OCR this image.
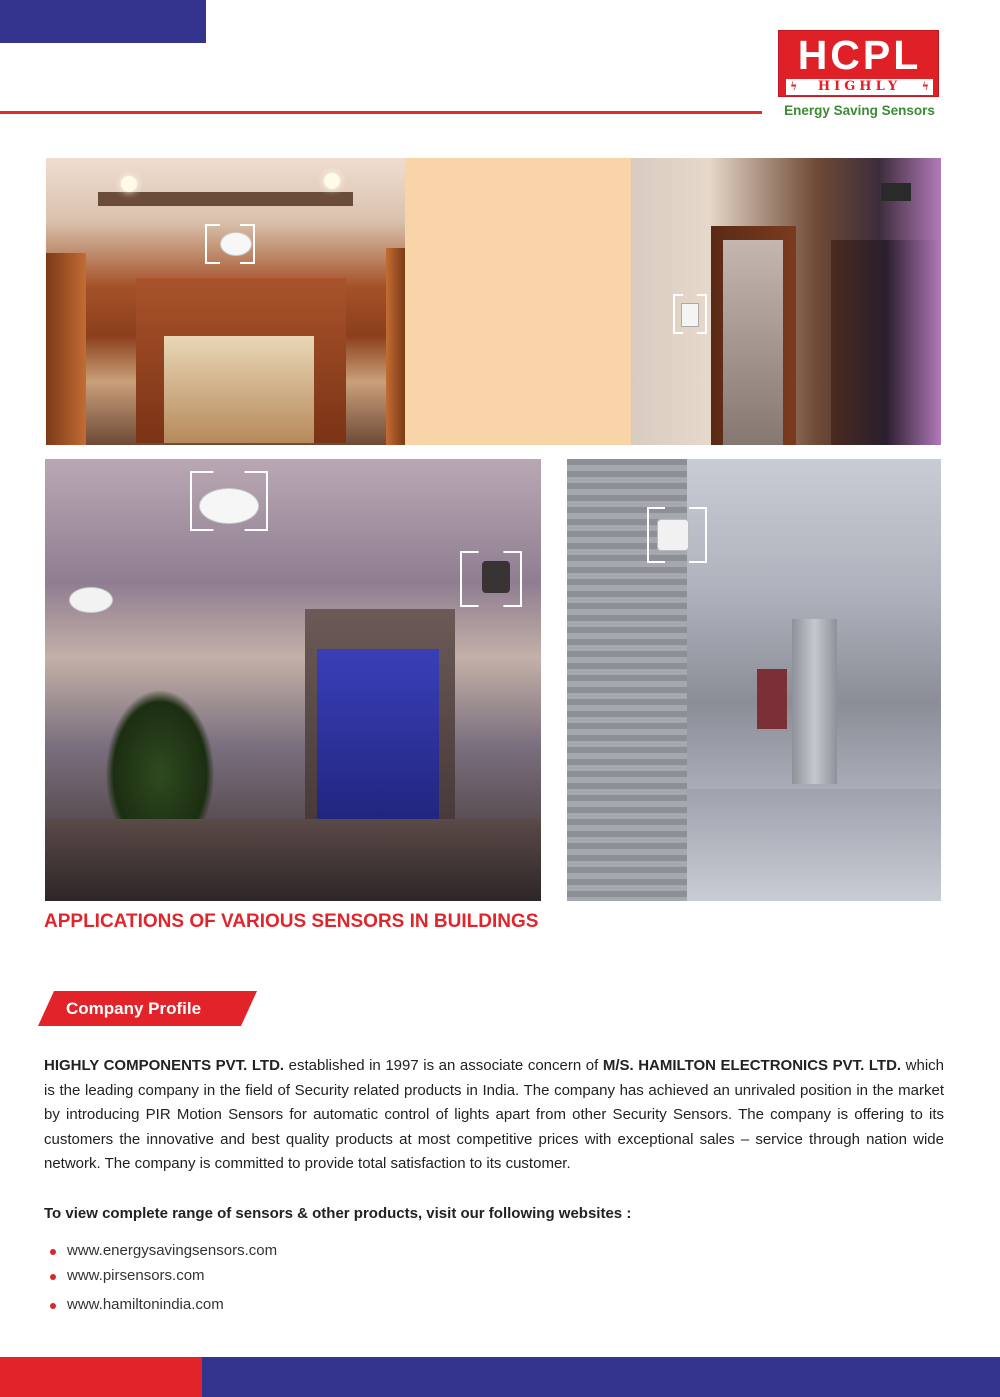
HCPL
ϟ HIGHLY ϟ
Energy Saving Sensors
APPLICATIONS OF VARIOUS SENSORS IN BUILDINGS
Company Profile
HIGHLY COMPONENTS PVT. LTD. established in 1997 is an associate concern of M/S. HAMILTON ELECTRONICS PVT. LTD. which is the leading company in the field of Security related products in India. The company has achieved an unrivaled position in the market by introducing PIR Motion Sensors for automatic control of lights apart from other Security Sensors. The company is offering to its customers the innovative and best quality products at most competitive prices with exceptional sales – service through nation wide network. The company is committed to provide total satisfaction to its customer.
To view complete range of sensors & other products, visit our following websites :
www.energysavingsensors.com
www.pirsensors.com
www.hamiltonindia.com
